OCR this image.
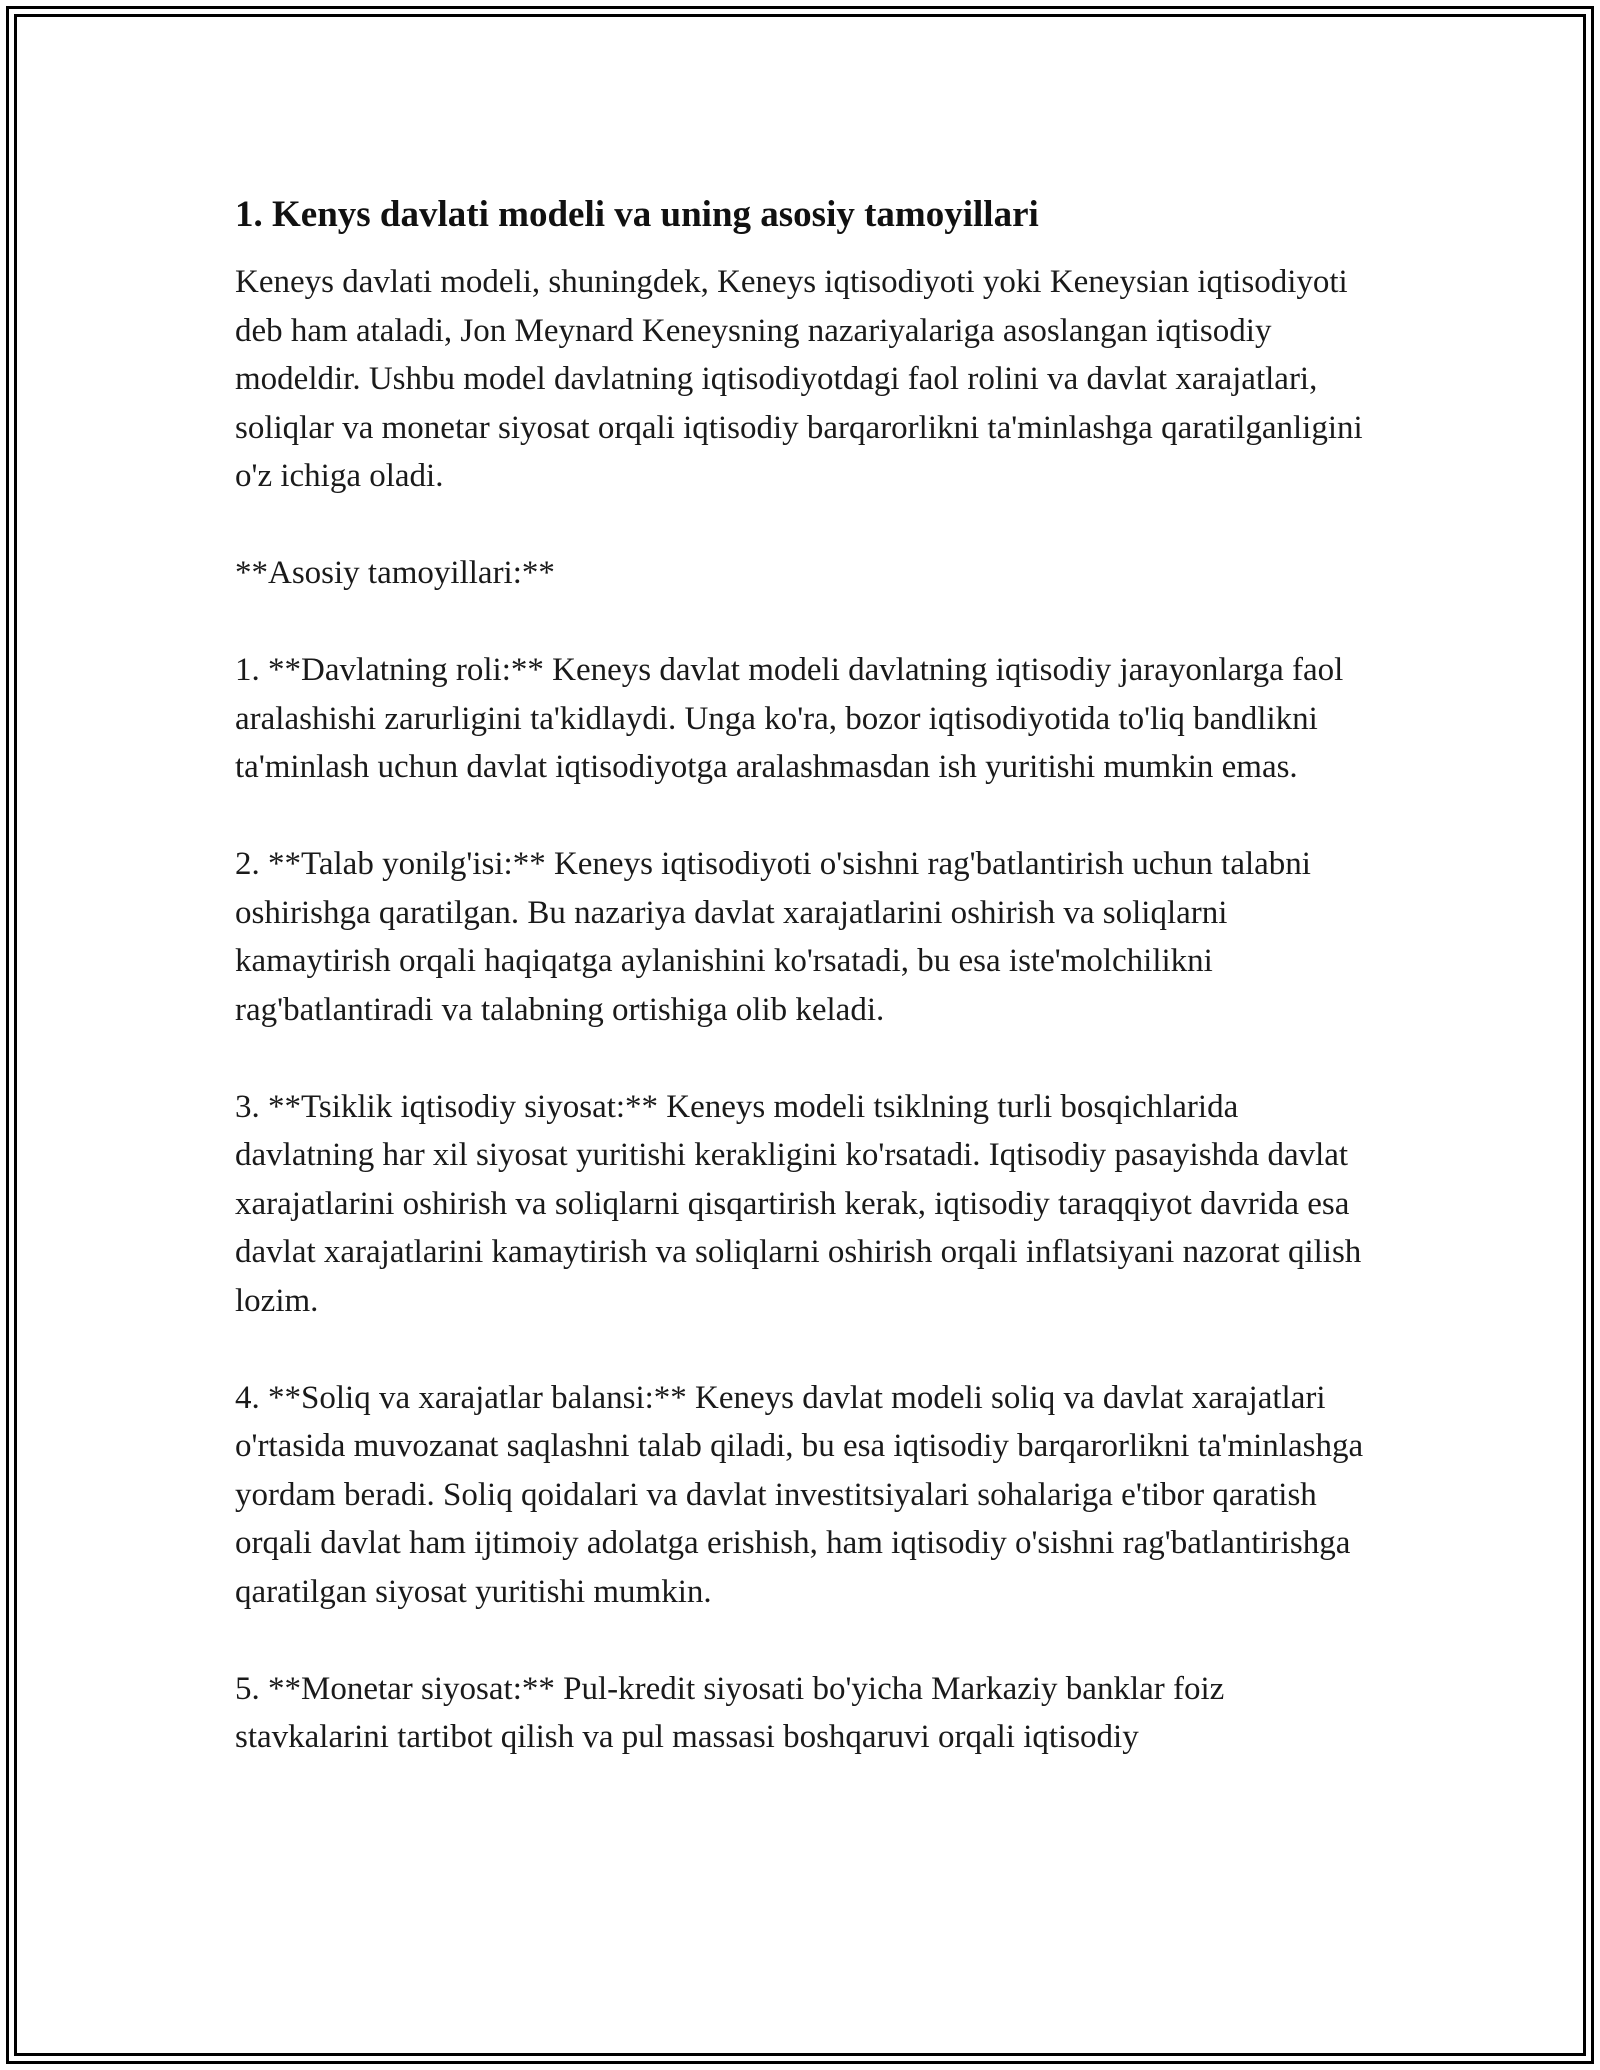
1. Kenys davlati modeli va uning asosiy tamoyillari

Keneys davlati modeli, shuningdek, Keneys iqtisodiyoti yoki Keneysian iqtisodiyoti deb ham ataladi, Jon Meynard Keneysning nazariyalariga asoslangan iqtisodiy modeldir. Ushbu model davlatning iqtisodiyotdagi faol rolini va davlat xarajatlari, soliqlar va monetar siyosat orqali iqtisodiy barqarorlikni ta'minlashga qaratilganligini o'z ichiga oladi.

**Asosiy tamoyillari:**

1. **Davlatning roli:** Keneys davlat modeli davlatning iqtisodiy jarayonlarga faol aralashishi zarurligini ta'kidlaydi. Unga ko'ra, bozor iqtisodiyotida to'liq bandlikni ta'minlash uchun davlat iqtisodiyotga aralashmasdan ish yuritishi mumkin emas.

2. **Talab yonilg'isi:** Keneys iqtisodiyoti o'sishni rag'batlantirish uchun talabni oshirishga qaratilgan. Bu nazariya davlat xarajatlarini oshirish va soliqlarni kamaytirish orqali haqiqatga aylanishini ko'rsatadi, bu esa iste'molchilikni rag'batlantiradi va talabning ortishiga olib keladi.

3. **Tsiklik iqtisodiy siyosat:** Keneys modeli tsiklning turli bosqichlarida davlatning har xil siyosat yuritishi kerakligini ko'rsatadi. Iqtisodiy pasayishda davlat xarajatlarini oshirish va soliqlarni qisqartirish kerak, iqtisodiy taraqqiyot davrida esa davlat xarajatlarini kamaytirish va soliqlarni oshirish orqali inflatsiyani nazorat qilish lozim.

4. **Soliq va xarajatlar balansi:** Keneys davlat modeli soliq va davlat xarajatlari o'rtasida muvozanat saqlashni talab qiladi, bu esa iqtisodiy barqarorlikni ta'minlashga yordam beradi. Soliq qoidalari va davlat investitsiyalari sohalariga e'tibor qaratish orqali davlat ham ijtimoiy adolatga erishish, ham iqtisodiy o'sishni rag'batlantirishga qaratilgan siyosat yuritishi mumkin.

5. **Monetar siyosat:** Pul-kredit siyosati bo'yicha Markaziy banklar foiz stavkalarini tartibot qilish va pul massasi boshqaruvi orqali iqtisodiy
